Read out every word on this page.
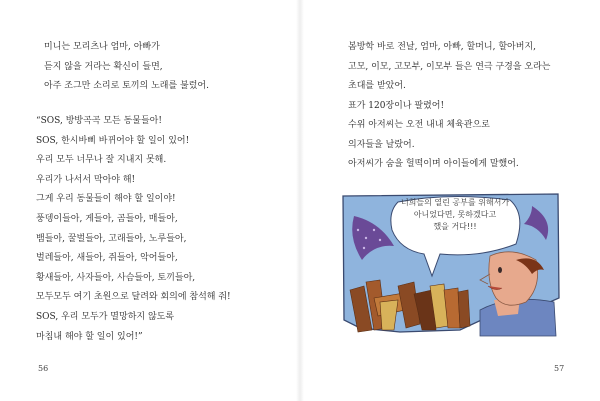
미니는 모리츠나 엄마, 아빠가

듣지 않을 거라는 확신이 들면,

아주 조그만 소리로 토끼의 노래를 불렀어.

“SOS, 방방곡곡 모든 동물들아!

SOS, 한시바삐 바뀌어야 할 일이 있어!

우리 모두 너무나 잘 지내지 못해.

우리가 나서서 막아야 해!

그게 우리 동물들이 해야 할 일이야!

풍뎅이들아, 게들아, 곰들아, 매들아,

뱀들아, 꿀벌들아, 고래들아, 노루들아,

벌레들아, 새들아, 쥐들아, 악어들아,

황새들아, 사자들아, 사슴들아, 토끼들아,

모두모두 여기 초원으로 달려와 회의에 참석해 줘!

SOS, 우리 모두가 멸망하지 않도록

마침내 해야 할 일이 있어!”

56

봄방학 바로 전날, 엄마, 아빠, 할머니, 할아버지,

고모, 이모, 고모부, 이모부 들은 연극 구경을 오라는

초대를 받았어.

표가 120장이나 팔렸어!

수위 아저씨는 오전 내내 체육관으로

의자들을 날랐어.

아저씨가 숨을 헐떡이며 아이들에게 말했어.

너희들의 열린 공부를 위해서가
아니었다면, 못하겠다고
했을 거다!!!
57
